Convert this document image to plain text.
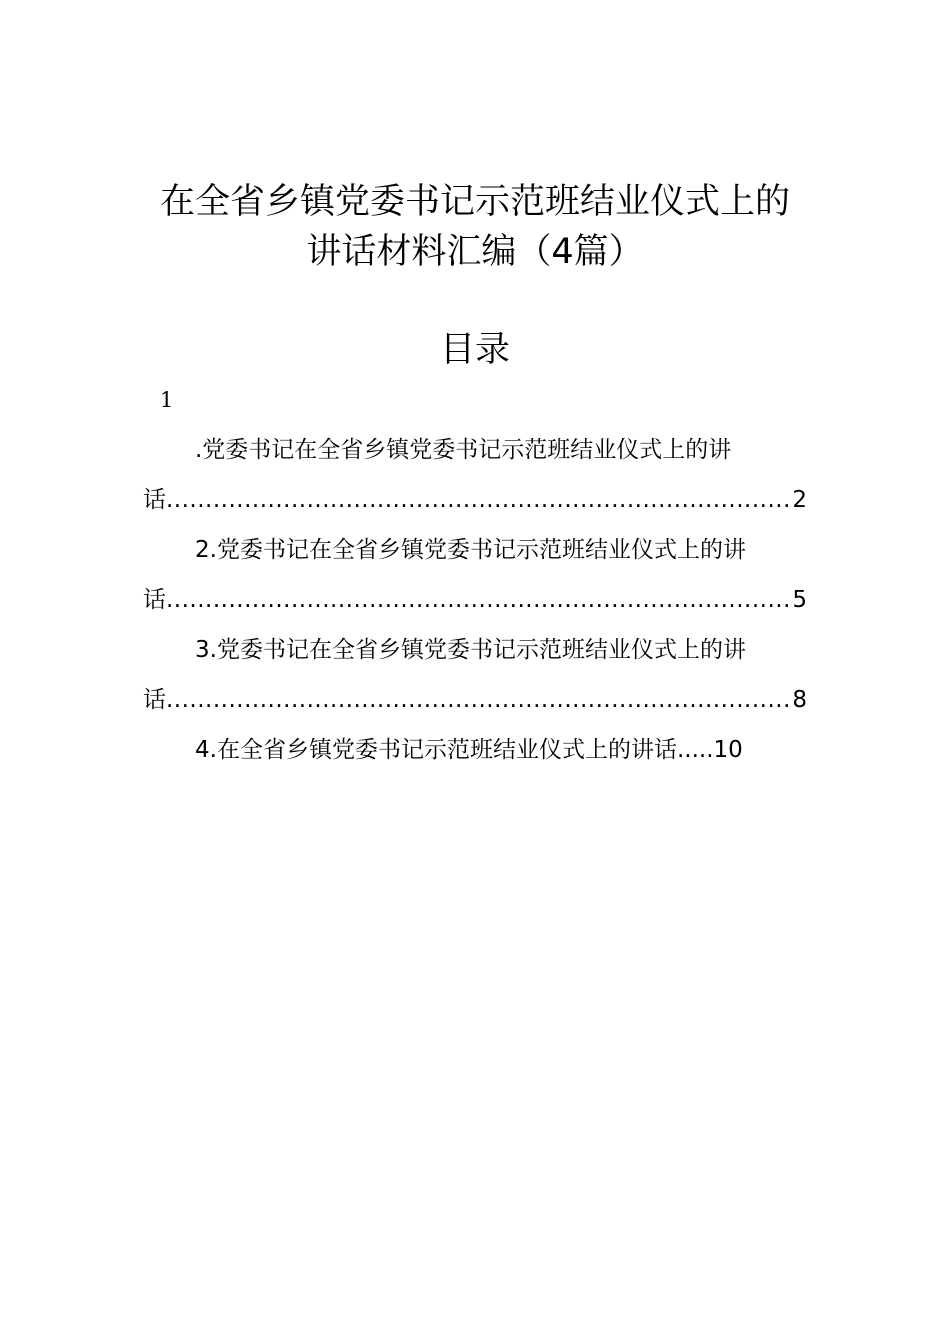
在全省乡镇党委书记示范班结业仪式上的
讲话材料汇编（4篇）
目录
1
.党委书记在全省乡镇党委书记示范班结业仪式上的讲
话 .....	2
2.党委书记在全省乡镇党委书记示范班结业仪式上的讲
话 .....	5
3.党委书记在全省乡镇党委书记示范班结业仪式上的讲
话 .....	8
4.在全省乡镇党委书记示范班结业仪式上的讲话.....10
